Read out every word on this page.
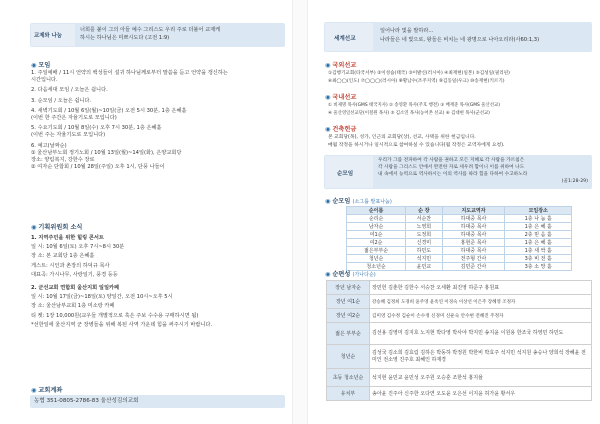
교제와 나눔
너희를 붙이 그의 아들 예수 그리스도 우리 주로 더불어 교제케
하시는 하나님은 미쁘시도다 (고전 1:9)
◉ 모임
1. 주일예배 / 11시 언약의 백성들이 설귀 하나님께로부터 말씀을 듣고 언약을 갱신하는
시간입니다.
2. 다음세대 모임 / 오늘은 쉽니다.
3. 순모임 / 오늘은 쉽니다.
4. 새벽기도회 / 10월 6일(월)~10일(금) 오전 5시 30분, 1층 은혜홀
(이번 한 주간은 자율기도로 모입니다)
5. 수요기도회 / 10월 8일(수) 오후 7시 30분, 1층 은혜홀
(이번 주는 자율기도로 모입니다)
6. 예고(날짜순)
① 울산남부노회 정기노회 / 10월 13일(월)~14일(화), 은양교회당
장소: 양림복지, 강한수 장로
② 여자순 단합회 / 10월 28일(주일) 오후 1시, 단풍 나들이
◉ 기획위원회 소식
1. 지역주민을 위한 힐링 콘서트
일 시: 10월 6일(토) 오후 7시~8시 30분
장 소: 본 교회당 1층 은혜홀
게스트: 시인과 촌장의 하덕규 목사
대표곡: 가시나무, 사랑일기, 풍경 등등
2. 군선교회 연합회 울산지회 일일카페
일 시: 10월 17일(금)~18일(토) 양일간, 오전 10시~오후 5시
장 소: 울산남부교회 1층 미소랑 카페
티 켓: 1장 10,000원(교우들 개별적으로 혹은 주보 수수용 구매하시면 됨)
*선한일에 울산지역 군 장병들을 위해 복된 사역 가운데 힘을 써주시기 바랍니다.
◉ 교회계좌
농협 351-0805-2786-83 울산성김의교회
세계선교
일어나라 빛을 발하라...
나라들은 네 빛으로, 왕들은 비치는 네 광명으로 나아오리라(사60:1,3)
◉ 국외선교
①김행기교회(타국서부) ②이성습(태국) ③이발신(러시아) ④최재현(일본) ⑤김성일(필리핀)
⑥최◯◯(인도) ⑦◯◯◯(러시아) ⑧황남수(조주지역) ⑨김동일(우크) ⑩송재현(키르기)
◉ 국내선교
① 비제명 목사(GMS 태국지사) ② 송영환 목사(주호 행전) ③ 배재준 목사(GMS 울산선교)
④ 울산영일선교단(이철원 목사) ⑤ 김소연 목사(농어촌 선교) ⑥ 김대현 목사(군선교)
◉ 건축헌금
본 교회당(목), 성가, 인근의 교회당(상), 선교, 사택을 위한 헌금입니다.
매월 작정을 하시거나 일시적으로 참여하실 수 있습니다(월 작정은 교역자에게 요청).
순모임
우리가 그를 전파하여 각 사람을 권하고 모든 지혜로 각 사람을 가르침은
각 사람을 그리스도 안에서 완전한 자로 세우려 함이니 이를 위하여 나도
내 속에서 능력으로 역사하시는 이의 역사를 따라 힘을 다하여 수고하노라
(골1:28-29)
◉ 순모임 (소그룹 발표나눔)
순이름	순 장	지도교역자	모임장소
순리순	서순찬	하대중 목사	1층 나 눔 홀
남자순	노영희	하대중 목사	1층 은 혜 홀
여1순	도정희	하대중 목사	2층 믿 음 홀
여2순	신경미	홍현준 목사	1층 은 혜 홀
젊은부부순	하민도	하대중 목사	1층 새 싹 홀
청년순	석지민	전주형 간사	3층 비 전 홀
청소년순	윤민교	김민준 간사	3층 소 망 홀
◉ 순편성 (가나다순)
장년 남자순	장민헌 김춘한 김한수 서승찬 오세환 최진영 하준구 홍원표
장년 여1순	강승혜 김정희 도경희 윤주영 윤옥연 이경숙 이상선 이은주 장혜영 조정자
장년 여2순	김미영 김수정 김순이 손수정 신경미 신운숙 안수현 전혜진 주정자
젊은 부부순	김선용 김영미 김지호 노지현 박다영 박사야 박지민 송지윤 이원용 한조국 하영민 하민도
청년순	김성국 김소희 김효림 김하은 박동하 박정원 박한비 박효주 석지민 석지원 송승나 양희석 장혜윤 전미인 전소영 진주호 최혜인 하재경
초등 청소년순	석지현 윤민교 윤민성 오주원 오승훈 조한석 홍지율
유치부	송아윤 진주아 신주한 오다연 오도윤 오은선 이지윤 허가윤 황서우
